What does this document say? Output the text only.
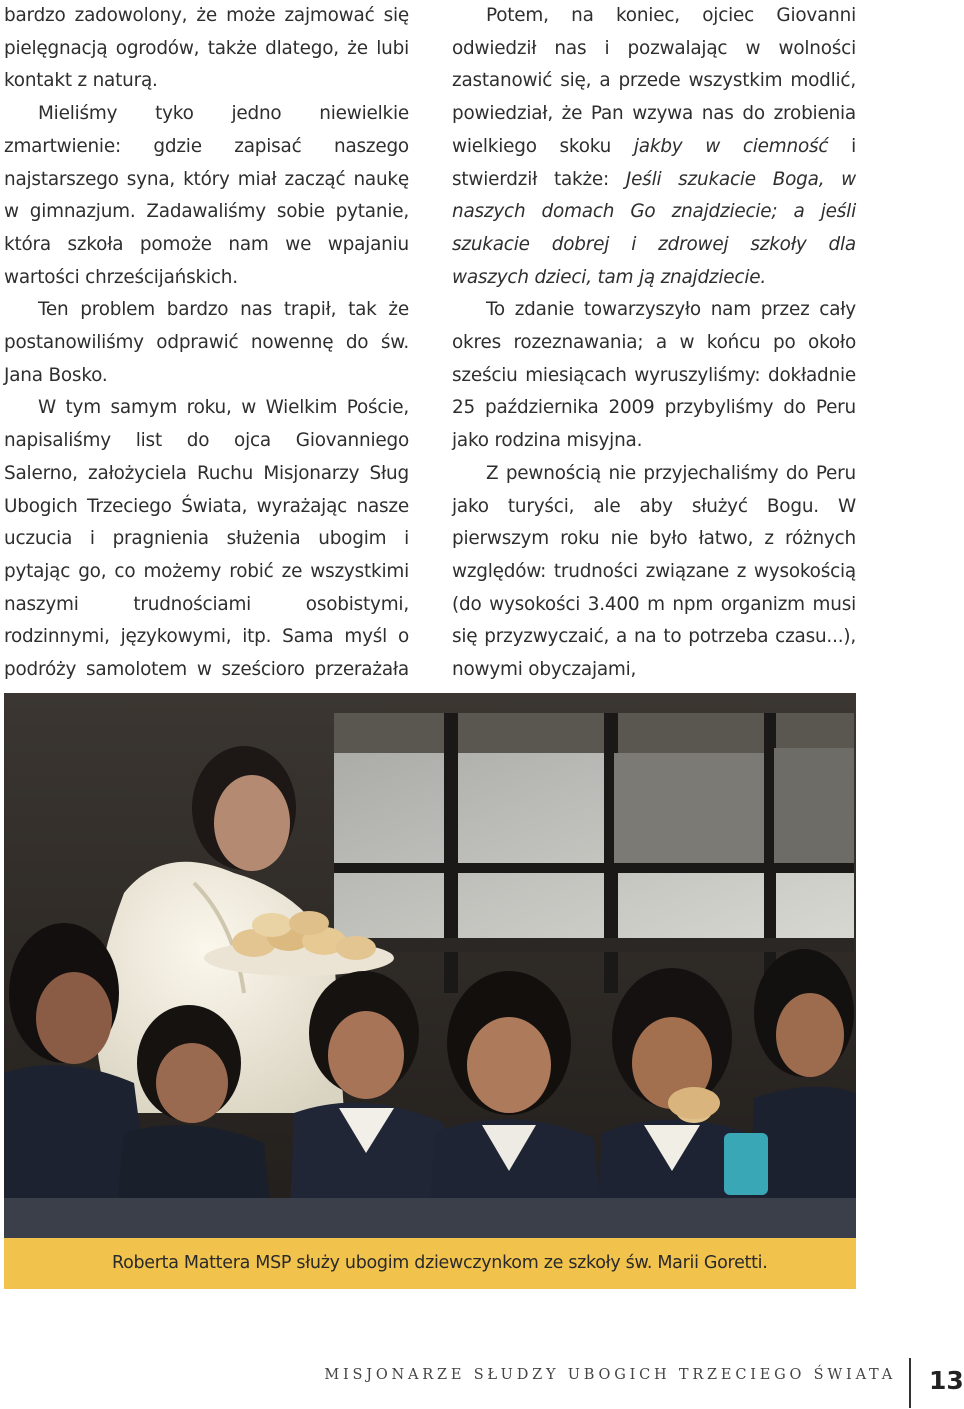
bardzo zadowolony, że może zajmować się pielęgnacją ogrodów, także dlatego, że lubi kontakt z naturą.

Mieliśmy tyko jedno niewielkie zmartwienie: gdzie zapisać naszego najstarszego syna, który miał zacząć naukę w gimnazjum. Zadawaliśmy sobie pytanie, która szkoła pomoże nam we wpajaniu wartości chrześcijańskich.

Ten problem bardzo nas trapił, tak że postanowiliśmy odprawić nowennę do św. Jana Bosko.

W tym samym roku, w Wielkim Poście, napisaliśmy list do ojca Giovanniego Salerno, założyciela Ruchu Misjonarzy Sług Ubogich Trzeciego Świata, wyrażając nasze uczucia i pragnienia służenia ubogim i pytając go, co możemy robić ze wszystkimi naszymi trudnościami osobistymi, rodzinnymi, językowymi, itp. Sama myśl o podróży samolotem w sześcioro przerażała

Potem, na koniec, ojciec Giovanni odwiedził nas i pozwalając w wolności zastanowić się, a przede wszystkim modlić, powiedział, że Pan wzywa nas do zrobienia wielkiego skoku jakby w ciemność i stwierdził także: Jeśli szukacie Boga, w naszych domach Go znajdziecie; a jeśli szukacie dobrej i zdrowej szkoły dla waszych dzieci, tam ją znajdziecie.

To zdanie towarzyszyło nam przez cały okres rozeznawania; a w końcu po około sześciu miesiącach wyruszyliśmy: dokładnie 25 października 2009 przybyliśmy do Peru jako rodzina misyjna.

Z pewnością nie przyjechaliśmy do Peru jako turyści, ale aby służyć Bogu. W pierwszym roku nie było łatwo, z różnych względów: trudności związane z wysokością (do wysokości 3.400 m npm organizm musi się przyzwyczaić, a na to potrzeba czasu...), nowymi obyczajami,

Roberta Mattera MSP służy ubogim dziewczynkom ze szkoły św. Marii Goretti.
MISJONARZE SŁUDZY UBOGICH TRZECIEGO ŚWIATA 13
